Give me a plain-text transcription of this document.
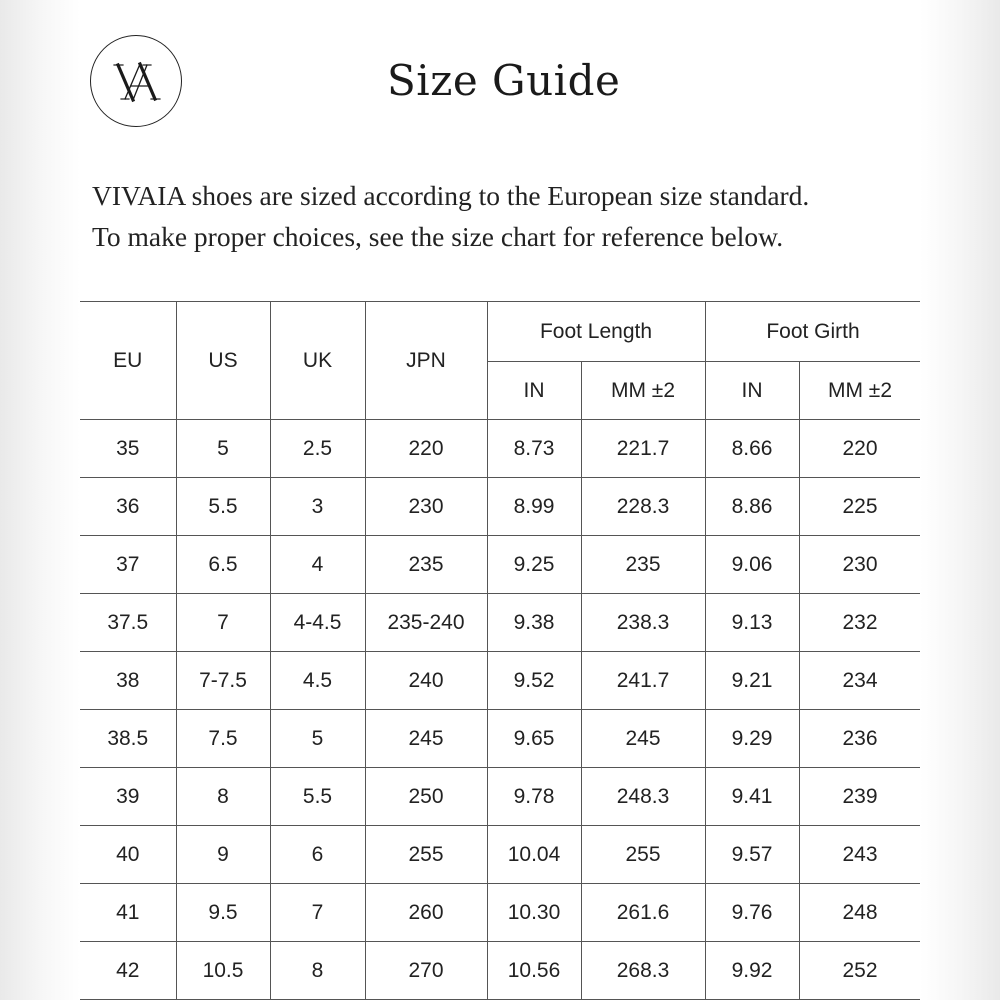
Size Guide
VIVAIA shoes are sized according to the European size standard.
To make proper choices, see the size chart for reference below.
EU	US	UK	JPN	Foot Length		Foot Girth	
				IN	MM ±2	IN	MM ±2
35	5	2.5	220	8.73	221.7	8.66	220
36	5.5	3	230	8.99	228.3	8.86	225
37	6.5	4	235	9.25	235	9.06	230
37.5	7	4-4.5	235-240	9.38	238.3	9.13	232
38	7-7.5	4.5	240	9.52	241.7	9.21	234
38.5	7.5	5	245	9.65	245	9.29	236
39	8	5.5	250	9.78	248.3	9.41	239
40	9	6	255	10.04	255	9.57	243
41	9.5	7	260	10.30	261.6	9.76	248
42	10.5	8	270	10.56	268.3	9.92	252
